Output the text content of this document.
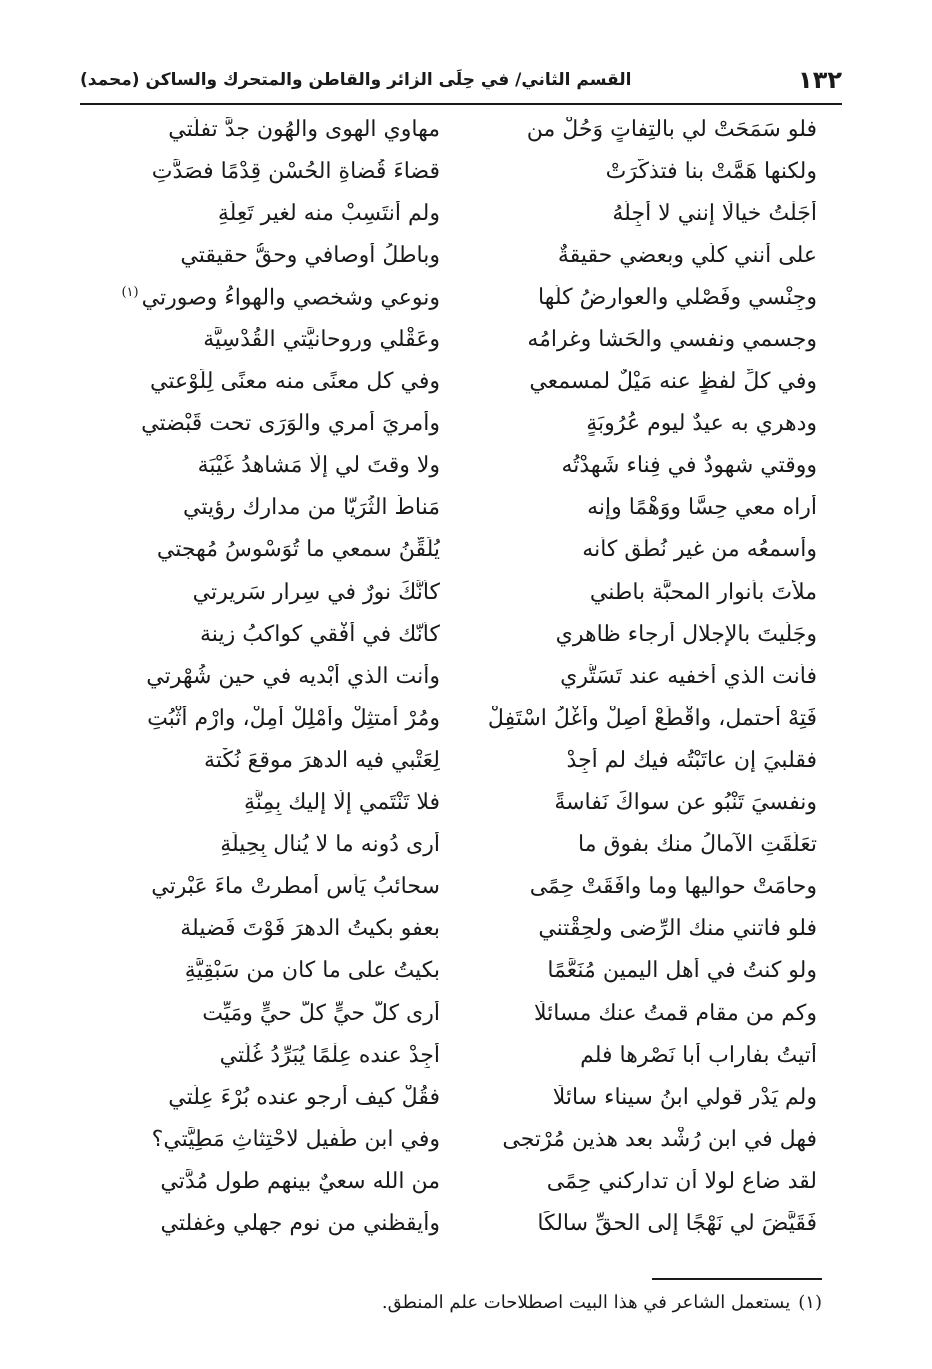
١٣٢
القسم الثاني/ في حِلَى الزائر والقاطن والمتحرك والساكن (محمد)
فلو سَمَحَتْ لي بالتِفاتٍ وَحُلْ من
مهاوي الهوى والهُون جدَّ تفلُّتي
ولكنها هَمَّتْ بنا فتذكَّرَتْ
قضاءَ قُضاةِ الحُسْنِ قِدْمًا فصَدَّتِ
أَجَلْتُ خيالًا إنني لا أُجِلُّهُ
ولم أنتَسِبْ منه لغيرِ تَعِلَّةِ
على أنني كلّي وبعضي حقيقةٌ
وباطلُ أوصافي وحقُّ حقيقتي
وجِنْسي وفَصْلي والعوارضُ كلّها
ونوعي وشخصي والهواءُ وصورتي$^{(١)}$
وجسمي ونفسي والحَشا وغرامُه
وعَقْلي وروحانيَّتي القُدْسِيَّة
وفي كلِّ لفظٍ عنه مَيْلٌ لمسمعي
وفي كل معنًى منه معنًى لِلَوْعتي
ودهري به عيدٌ ليوم عُرُوبَةٍ
وأمريَ أمري والوَرَى تحت قَبْضتي
ووقتي شهودٌ في فِناء شَهِدْتُه
ولا وقتَ لي إلّا مَشاهدُ غَيْبَة
أراه معي حِسًّا ووَهْمًا وإنه
مَناطُ الثُرَيّا من مدارك رؤيتي
وأسمعُه من غير نُطْقٍ كأنه
يُلَقِّنُ سمعي ما تُوَسْوِسُ مُهجتي
ملأتَ بأنوار المحبَّة باطني
كأنَّكَ نورٌ في سِرارِ سَريرتي
وجَلَّيتَ بالإجلال أرجاء ظاهري
كأنّك في أُفْقي كواكبُ زينة
فأنت الذي أُخفيه عند تَسَتُّري
وأنت الذي أُبْديه في حين شُهْرتي
فَتِهْ أحتمل، واقْطَعْ أصِلْ وأغْلُ اسْتَفِلْ
ومُرْ أمتثِلْ وأَمْلِلْ أمِلْ، وارْمِ أثْبُتِ
فقلبيَ إن عاتَبْتُه فيك لم أجِدْ
لِعَتْبي فيه الدهرَ موقعَ نُكْتة
ونفسيَ تَنْبُو عن سواكَ نَفاسةً
فلا تَنْتَمي إلّا إليك بِمِنَّةِ
تعَلَّقَتِ الآمالُ منك بفوق ما
أرى دُونه ما لا يُنال بِحِيلَةِ
وحامَتْ حواليها وما وافَقَتْ حِمًى
سحائبُ يَأْسٍ أمطرتْ ماءَ عَبْرتي
فلو فاتني منك الرِّضى ولحِقْتني
بعفوٍ بكيتُ الدهرَ فَوْتَ فَضيلة
ولو كنتُ في أهل اليمين مُنَعَّمًا
بكيتُ على ما كان من سَبْقِيَّةِ
وكم من مقام قمتُ عنك مسائلًا
أرى كلَّ حيٍّ كلَّ حيٍّ ومَيِّت
أتيتُ بفاراب أبا نَصْرها فلم
أجِدْ عنده عِلْمًا يُبَرِّدُ غُلَّتي
ولم يَدْرِ قولي ابنُ سيناء سائلًا
فقُلْ كيف أرجو عنده بُرْءَ عِلَّتي
فهل في ابن رُشْد بعد هذين مُرْتجى
وفي ابن طُفيل لاحْتِثاثِ مَطِيَّتي؟
لقد ضاع لولا أن تداركني حِمًى
من الله سعيٌ بينهم طول مُدَّتي
فَقَيَّضَ لي نَهْجًا إلى الحقِّ سالكًا
وأيقظني من نوم جهلي وغفلتي
(١)يستعمل الشاعر في هذا البيت اصطلاحات علم المنطق.
